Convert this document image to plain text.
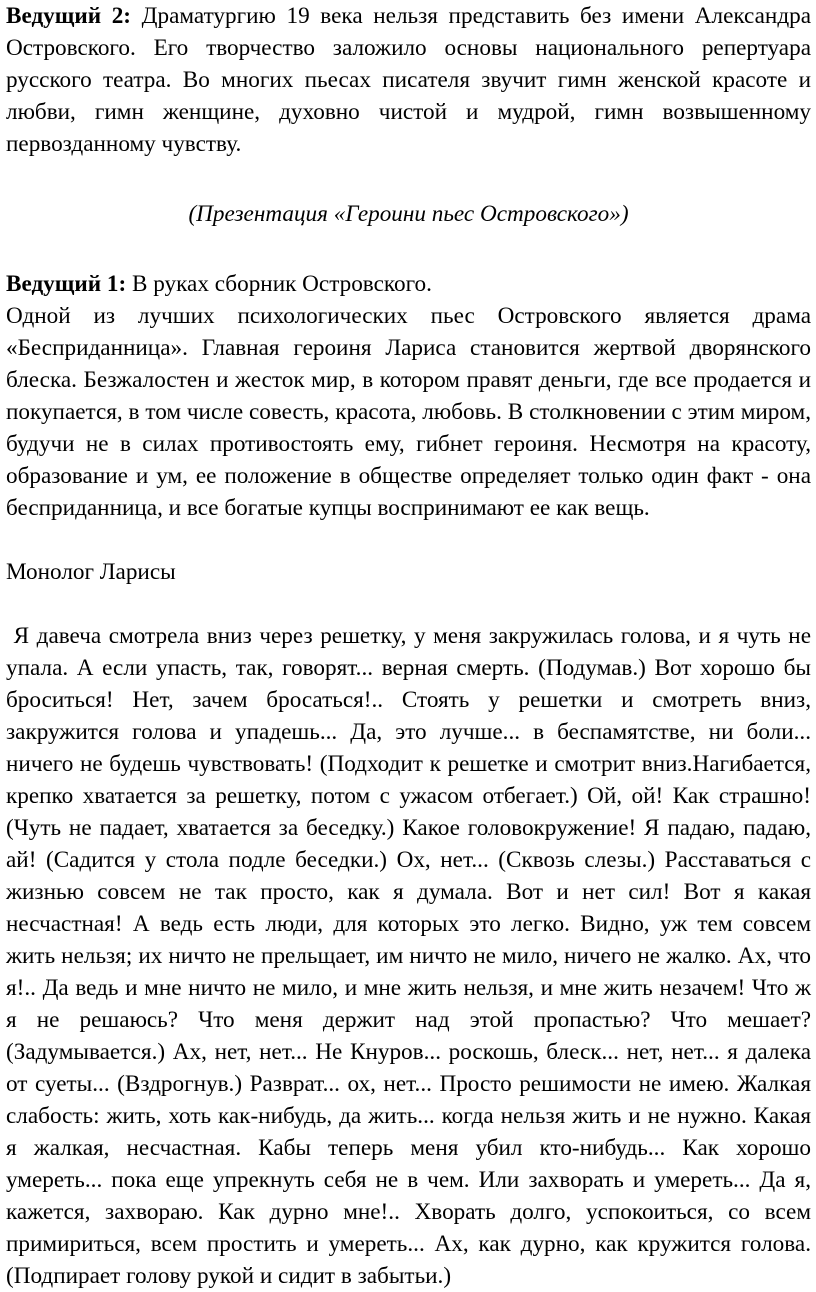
Ведущий 2: Драматургию 19 века нельзя представить без имени Александра Островского. Его творчество заложило основы национального репертуара русского театра. Во многих пьесах писателя звучит гимн женской красоте и любви, гимн женщине, духовно чистой и мудрой, гимн возвышенному первозданному чувству.

(Презентация «Героини пьес Островского»)

Ведущий 1: В руках сборник Островского.

Одной из лучших психологических пьес Островского является драма «Бесприданница». Главная героиня Лариса становится жертвой дворянского блеска. Безжалостен и жесток мир, в котором правят деньги, где все продается и покупается, в том числе совесть, красота, любовь. В столкновении с этим миром, будучи не в силах противостоять ему, гибнет героиня. Несмотря на красоту, образование и ум, ее положение в обществе определяет только один факт - она бесприданница, и все богатые купцы воспринимают ее как вещь.

Монолог Ларисы

Я давеча смотрела вниз через решетку, у меня закружилась голова, и я чуть не упала. А если упасть, так, говорят... верная смерть. (Подумав.) Вот хорошо бы броситься! Нет, зачем бросаться!.. Стоять у решетки и смотреть вниз, закружится голова и упадешь... Да, это лучше... в беспамятстве, ни боли... ничего не будешь чувствовать! (Подходит к решетке и смотрит вниз.Нагибается, крепко хватается за решетку, потом с ужасом отбегает.) Ой, ой! Как страшно! (Чуть не падает, хватается за беседку.) Какое головокружение! Я падаю, падаю, ай! (Садится у стола подле беседки.) Ох, нет... (Сквозь слезы.) Расставаться с жизнью совсем не так просто, как я думала. Вот и нет сил! Вот я какая несчастная! А ведь есть люди, для которых это легко. Видно, уж тем совсем жить нельзя; их ничто не прельщает, им ничто не мило, ничего не жалко. Ах, что я!.. Да ведь и мне ничто не мило, и мне жить нельзя, и мне жить незачем! Что ж я не решаюсь? Что меня держит над этой пропастью? Что мешает? (Задумывается.) Ах, нет, нет... Не Кнуров... роскошь, блеск... нет, нет... я далека от суеты... (Вздрогнув.) Разврат... ох, нет... Просто решимости не имею. Жалкая слабость: жить, хоть как-нибудь, да жить... когда нельзя жить и не нужно. Какая я жалкая, несчастная. Кабы теперь меня убил кто-нибудь... Как хорошо умереть... пока еще упрекнуть себя не в чем. Или захворать и умереть... Да я, кажется, захвораю. Как дурно мне!.. Хворать долго, успокоиться, со всем примириться, всем простить и умереть... Ах, как дурно, как кружится голова. (Подпирает голову рукой и сидит в забытьи.)
